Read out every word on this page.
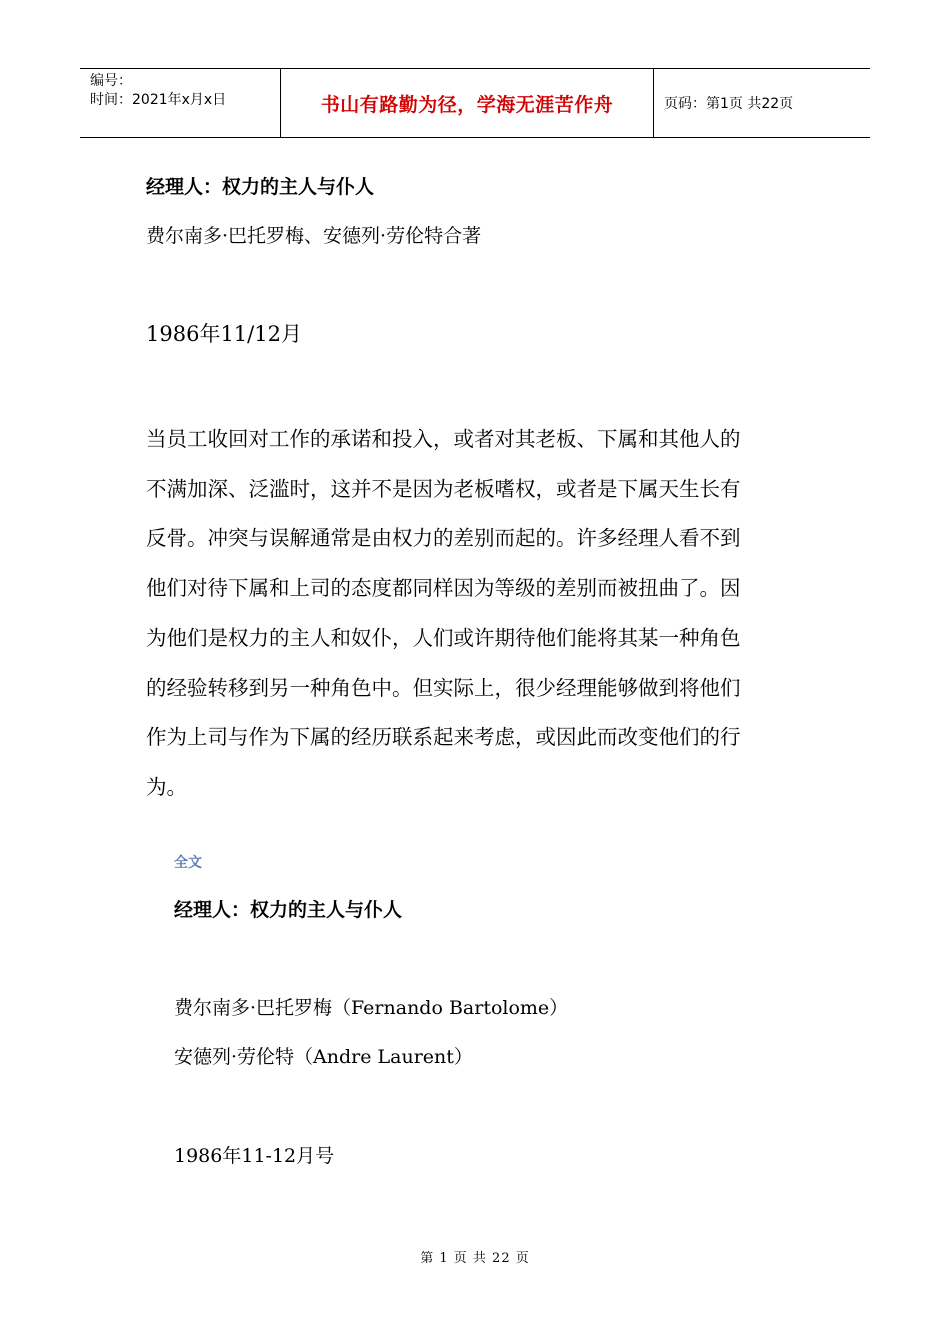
编号：
时间：2021年x月x日	书山有路勤为径，学海无涯苦作舟	页码：第1页 共22页
经理人：权力的主人与仆人
费尔南多·巴托罗梅、安德列·劳伦特合著
1986年11/12月

当员工收回对工作的承诺和投入，或者对其老板、下属和其他人的
不满加深、泛滥时，这并不是因为老板嗜权，或者是下属天生长有
反骨。冲突与误解通常是由权力的差别而起的。许多经理人看不到
他们对待下属和上司的态度都同样因为等级的差别而被扭曲了。因
为他们是权力的主人和奴仆，人们或许期待他们能将其某一种角色
的经验转移到另一种角色中。但实际上，很少经理能够做到将他们
作为上司与作为下属的经历联系起来考虑，或因此而改变他们的行
为。

全文
经理人：权力的主人与仆人
费尔南多·巴托罗梅（Fernando Bartolome）
安德列·劳伦特（Andre Laurent）
1986年11-12月号
第 1 页 共 22 页
